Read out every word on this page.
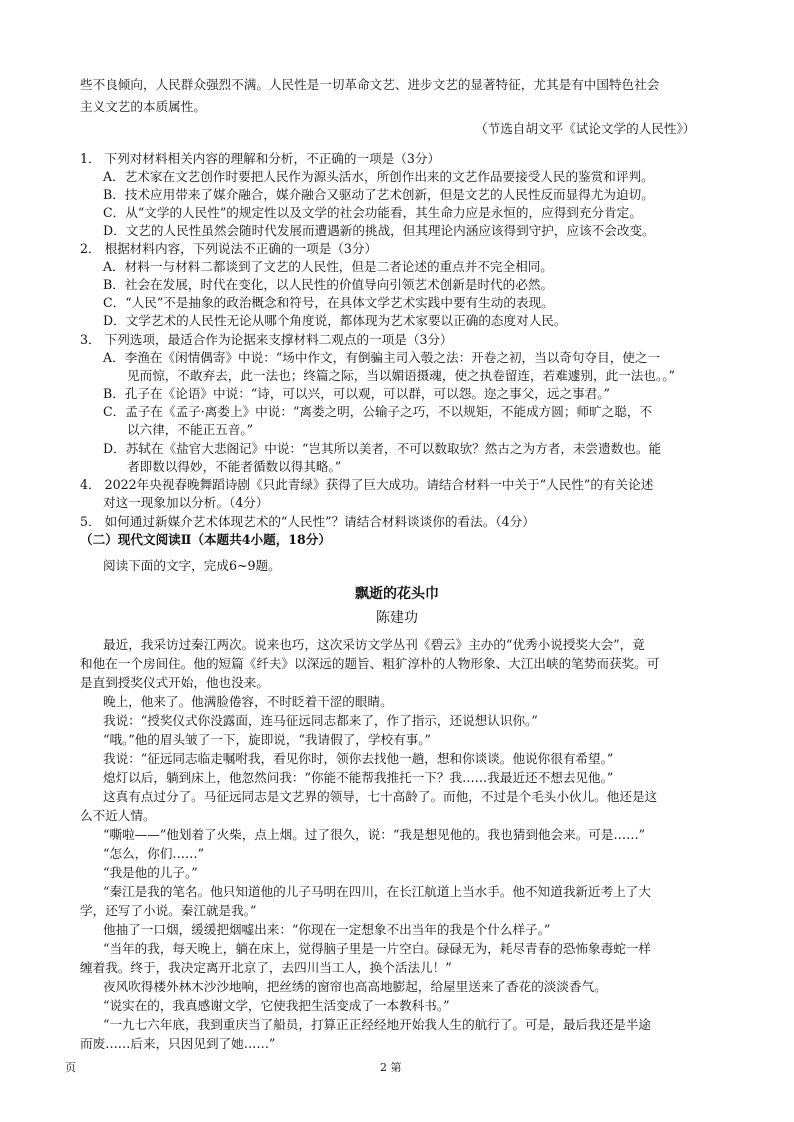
些不良倾向，人民群众强烈不满。人民性是一切革命文艺、进步文艺的显著特征，尤其是有中国特色社会
主义文艺的本质属性。
（节选自胡文平《试论文学的人民性》）
1． 下列对材料相关内容的理解和分析，不正确的一项是（3分）
A．艺术家在文艺创作时要把人民作为源头活水，所创作出来的文艺作品要接受人民的鉴赏和评判。
B．技术应用带来了媒介融合，媒介融合又驱动了艺术创新，但是文艺的人民性反而显得尤为迫切。
C．从“文学的人民性”的规定性以及文学的社会功能看，其生命力应是永恒的，应得到充分肯定。
D．文艺的人民性虽然会随时代发展而遭遇新的挑战，但其理论内涵应该得到守护，应该不会改变。
2． 根据材料内容，下列说法不正确的一项是（3分）
A．材料一与材料二都谈到了文艺的人民性，但是二者论述的重点并不完全相同。
B．社会在发展，时代在变化，以人民性的价值导向引领艺术创新是时代的必然。
C．“人民”不是抽象的政治概念和符号，在具体文学艺术实践中要有生动的表现。
D．文学艺术的人民性无论从哪个角度说，都体现为艺术家要以正确的态度对人民。
3． 下列选项，最适合作为论据来支撑材料二观点的一项是（3分）
A．李渔在《闲情偶寄》中说：“场中作文，有倒骗主司入彀之法：开卷之初，当以奇句夺目，使之一
见而惊，不敢弃去，此一法也；终篇之际，当以媚语摄魂，使之执卷留连，若难遽别，此一法也。。”
B．孔子在《论语》中说：“诗，可以兴，可以观，可以群，可以怨。迩之事父，远之事君。”
C．孟子在《孟子·离娄上》中说：“离娄之明，公输子之巧，不以规矩，不能成方圆；师旷之聪，不
以六律，不能正五音。”
D．苏轼在《盐官大悲阁记》中说：“岂其所以美者，不可以数取欤？然古之为方者，未尝遗数也。能
者即数以得妙，不能者循数以得其略。”
4． 2022年央视春晚舞蹈诗剧《只此青绿》获得了巨大成功。请结合材料一中关于“人民性”的有关论述
对这一现象加以分析。（4分）
5． 如何通过新媒介艺术体现艺术的“人民性”？请结合材料谈谈你的看法。（4分）
（二）现代文阅读Ⅱ（本题共4小题，18分）
阅读下面的文字，完成6~9题。
飘逝的花头巾
陈建功
最近，我采访过秦江两次。说来也巧，这次采访文学丛刊《碧云》主办的“优秀小说授奖大会”，竟
和他在一个房间住。他的短篇《纤夫》以深远的题旨、粗犷淳朴的人物形象、大江出峡的笔势而获奖。可
是直到授奖仪式开始，他也没来。
晚上，他来了。他满脸倦容，不时眨着干涩的眼睛。
我说：“授奖仪式你没露面，连马征远同志都来了，作了指示，还说想认识你。”
“哦。”他的眉头皱了一下，旋即说，“我请假了，学校有事。”
我说：“征远同志临走嘱咐我，看见你时，领你去找他一趟，想和你谈谈。他说你很有希望。”
熄灯以后，躺到床上，他忽然问我：“你能不能帮我推托一下？我……我最近还不想去见他。”
这真有点过分了。马征远同志是文艺界的领导，七十高龄了。而他，不过是个毛头小伙儿。他还是这
么不近人情。
“嘶啦——”他划着了火柴，点上烟。过了很久，说：“我是想见他的。我也猜到他会来。可是……”
“怎么，你们……”
“我是他的儿子。”
“秦江是我的笔名。他只知道他的儿子马明在四川，在长江航道上当水手。他不知道我新近考上了大
学，还写了小说。秦江就是我。”
他抽了一口烟，缓缓把烟嘘出来：“你现在一定想象不出当年的我是个什么样子。”
“当年的我，每天晚上，躺在床上，觉得脑子里是一片空白。碌碌无为，耗尽青春的恐怖象毒蛇一样
缠着我。终于，我决定离开北京了，去四川当工人，换个活法儿！”
夜风吹得楼外林木沙沙地响，把丝绣的窗帘也高高地膨起，给屋里送来了香花的淡淡香气。
“说实在的，我真感谢文学，它使我把生活变成了一本教科书。”
“一九七六年底，我到重庆当了船员，打算正正经经地开始我人生的航行了。可是，最后我还是半途
而废……后来，只因见到了她……”
页	2 第
